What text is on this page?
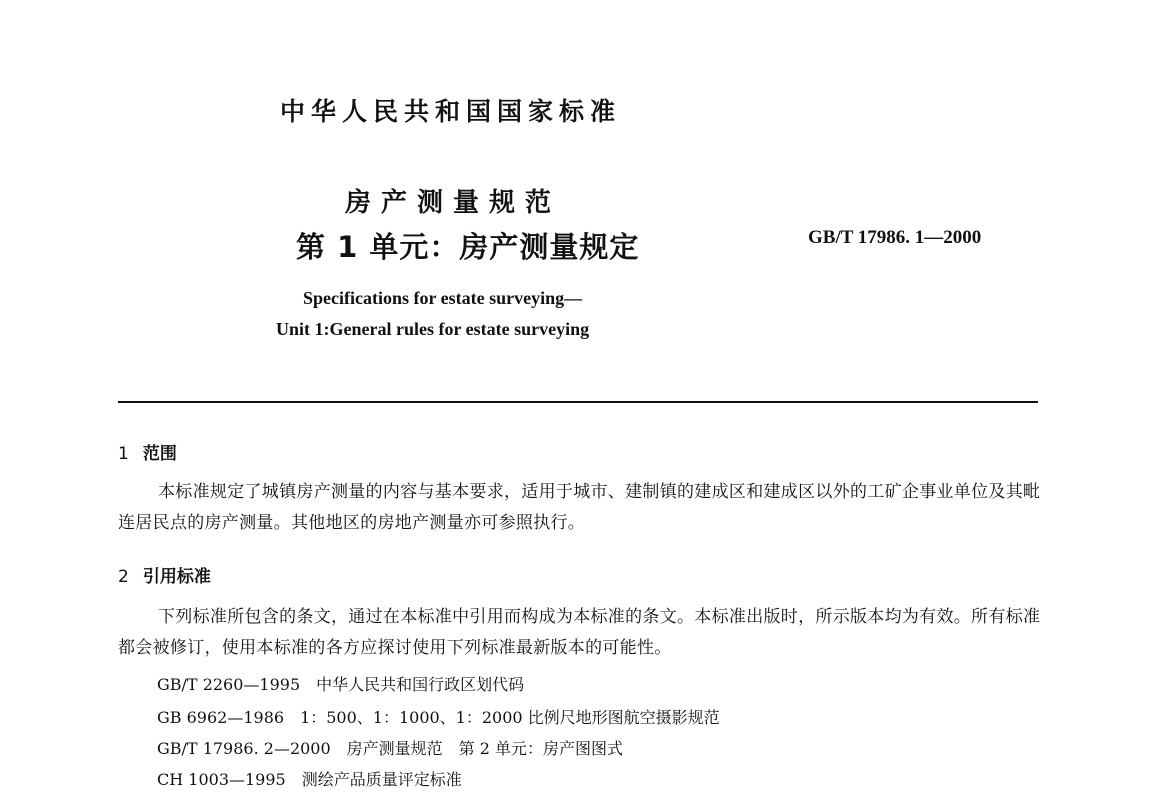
中华人民共和国国家标准
房产测量规范
第 1 单元：房产测量规定	GB/T 17986. 1—2000
Specifications for estate surveying—
Unit 1:General rules for estate surveying
1 范围
本标准规定了城镇房产测量的内容与基本要求，适用于城市、建制镇的建成区和建成区以外的工矿企事业单位及其毗连居民点的房产测量。其他地区的房地产测量亦可参照执行。
2 引用标准
下列标准所包含的条文，通过在本标准中引用而构成为本标准的条文。本标准出版时，所示版本均为有效。所有标准都会被修订，使用本标准的各方应探讨使用下列标准最新版本的可能性。
GB/T 2260—1995 中华人民共和国行政区划代码
GB 6962—1986 1：500、1：1000、1：2000 比例尺地形图航空摄影规范
GB/T 17986. 2—2000 房产测量规范　第 2 单元：房产图图式
CH 1003—1995 测绘产品质量评定标准
